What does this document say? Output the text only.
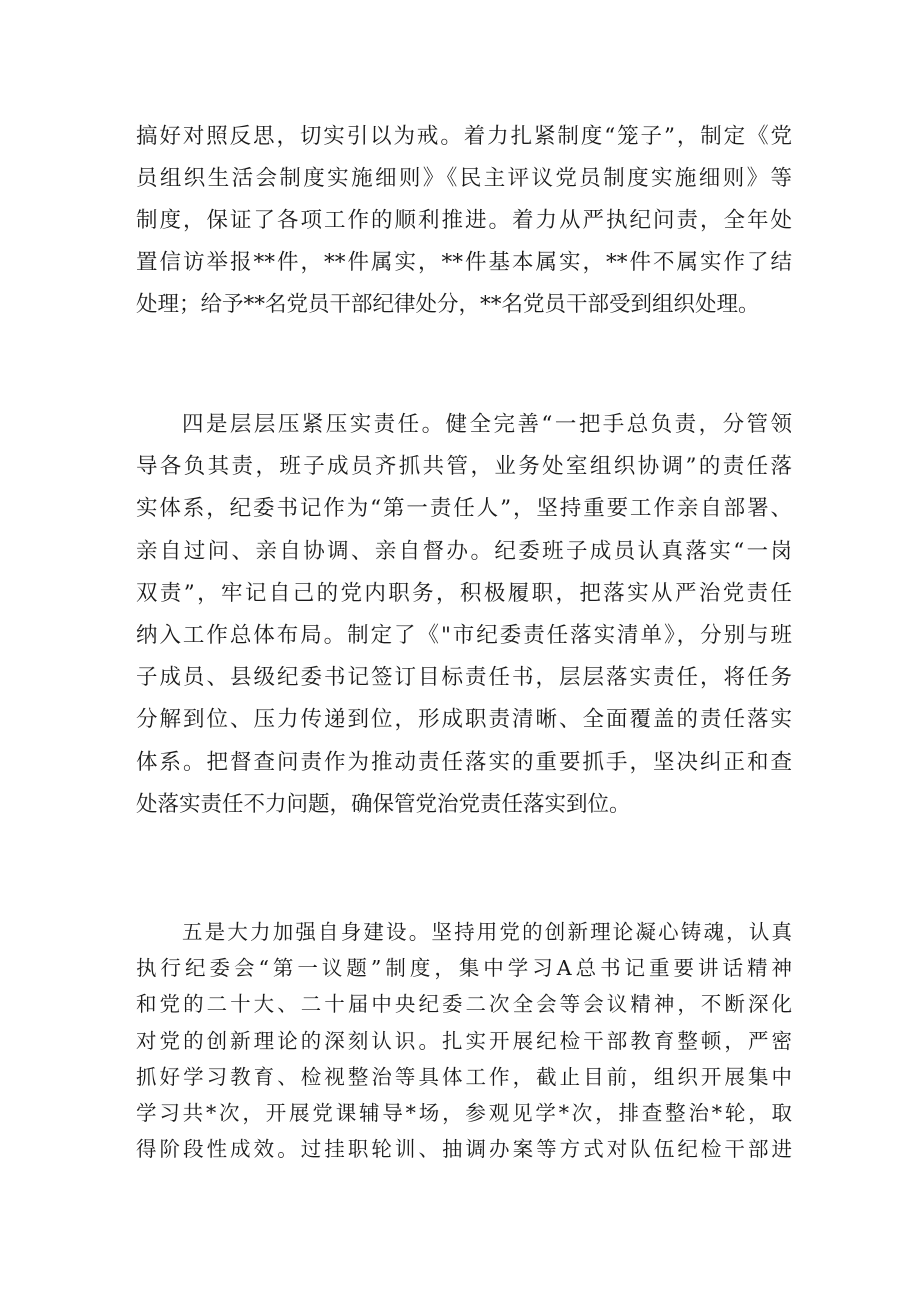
搞好对照反思，切实引以为戒。着力扎紧制度“笼子”，制定《党
员组织生活会制度实施细则》《民主评议党员制度实施细则》等
制度，保证了各项工作的顺利推进。着力从严执纪问责，全年处
置信访举报**件，**件属实，**件基本属实，**件不属实作了结
处理；给予**名党员干部纪律处分，**名党员干部受到组织处理。
四是层层压紧压实责任。健全完善“一把手总负责，分管领
导各负其责，班子成员齐抓共管，业务处室组织协调”的责任落
实体系，纪委书记作为“第一责任人”，坚持重要工作亲自部署、
亲自过问、亲自协调、亲自督办。纪委班子成员认真落实“一岗
双责”，牢记自己的党内职务，积极履职，把落实从严治党责任
纳入工作总体布局。制定了《"市纪委责任落实清单》，分别与班
子成员、县级纪委书记签订目标责任书，层层落实责任，将任务
分解到位、压力传递到位，形成职责清晰、全面覆盖的责任落实
体系。把督查问责作为推动责任落实的重要抓手，坚决纠正和查
处落实责任不力问题，确保管党治党责任落实到位。
五是大力加强自身建设。坚持用党的创新理论凝心铸魂，认真
执行纪委会“第一议题”制度，集中学习A总书记重要讲话精神
和党的二十大、二十届中央纪委二次全会等会议精神，不断深化
对党的创新理论的深刻认识。扎实开展纪检干部教育整顿，严密
抓好学习教育、检视整治等具体工作，截止目前，组织开展集中
学习共*次，开展党课辅导*场，参观见学*次，排查整治*轮，取
得阶段性成效。过挂职轮训、抽调办案等方式对队伍纪检干部进
